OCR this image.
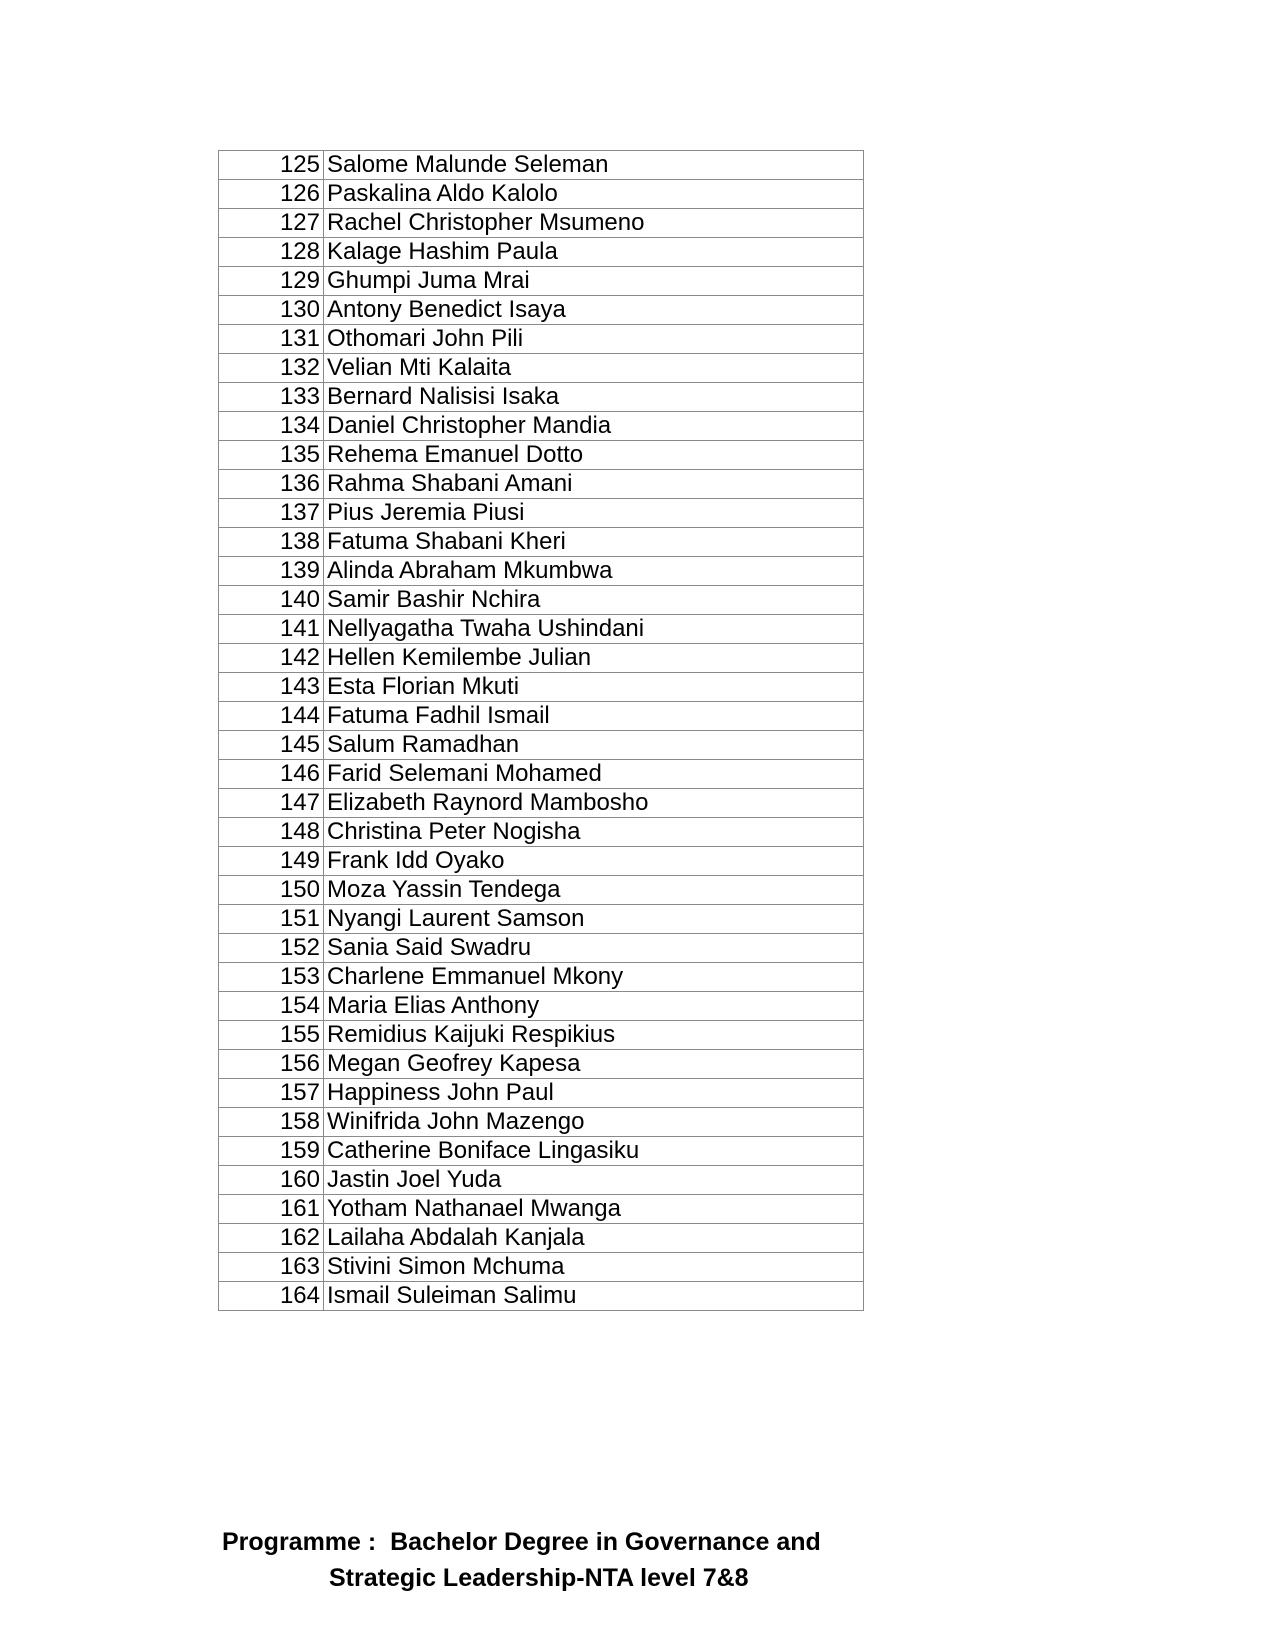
125	Salome Malunde Seleman
126	Paskalina Aldo Kalolo
127	Rachel Christopher Msumeno
128	Kalage Hashim Paula
129	Ghumpi Juma Mrai
130	Antony Benedict Isaya
131	Othomari John Pili
132	Velian Mti Kalaita
133	Bernard Nalisisi Isaka
134	Daniel Christopher Mandia
135	Rehema Emanuel Dotto
136	Rahma Shabani Amani
137	Pius Jeremia Piusi
138	Fatuma Shabani Kheri
139	Alinda Abraham Mkumbwa
140	Samir Bashir Nchira
141	Nellyagatha Twaha Ushindani
142	Hellen Kemilembe Julian
143	Esta Florian Mkuti
144	Fatuma Fadhil Ismail
145	Salum Ramadhan
146	Farid Selemani Mohamed
147	Elizabeth Raynord Mambosho
148	Christina Peter Nogisha
149	Frank Idd Oyako
150	Moza Yassin Tendega
151	Nyangi Laurent Samson
152	Sania Said Swadru
153	Charlene Emmanuel Mkony
154	Maria Elias Anthony
155	Remidius Kaijuki Respikius
156	Megan Geofrey Kapesa
157	Happiness John Paul
158	Winifrida John Mazengo
159	Catherine Boniface Lingasiku
160	Jastin Joel Yuda
161	Yotham Nathanael Mwanga
162	Lailaha Abdalah Kanjala
163	Stivini Simon Mchuma
164	Ismail Suleiman Salimu
Programme : Bachelor Degree in Governance and
Strategic Leadership-NTA level 7&8
